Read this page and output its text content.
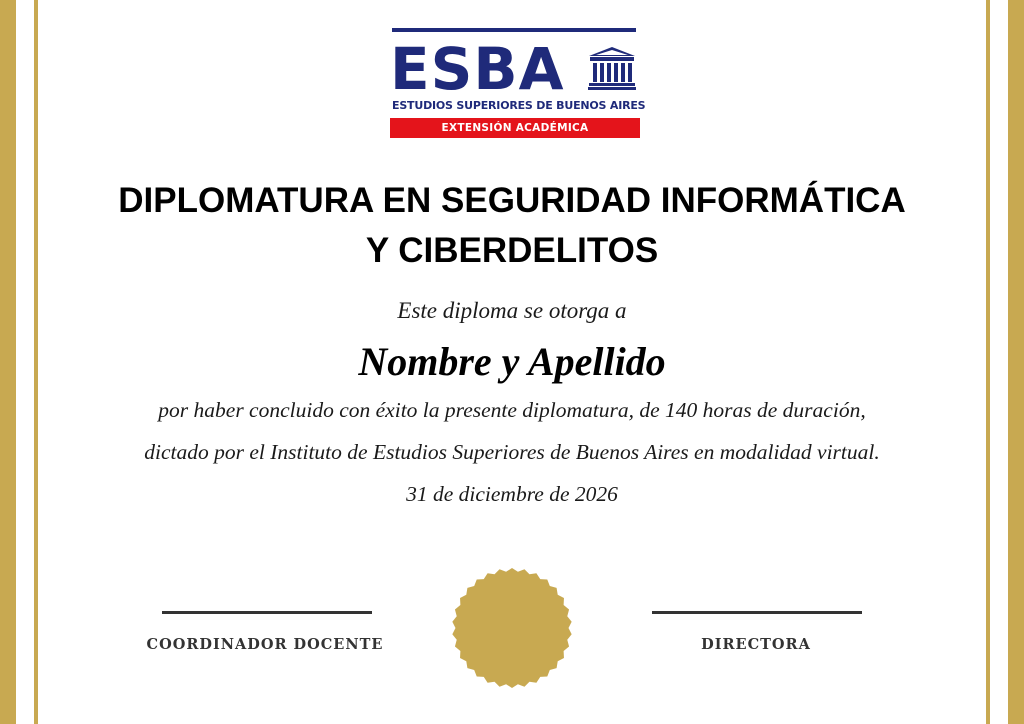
ESBA
ESTUDIOS SUPERIORES DE BUENOS AIRES
EXTENSIÓN ACADÉMICA
DIPLOMATURA EN SEGURIDAD INFORMÁTICA
Y CIBERDELITOS
Este diploma se otorga a
Nombre y Apellido
por haber concluido con éxito la presente diplomatura, de 140 horas de duración,
dictado por el Instituto de Estudios Superiores de Buenos Aires en modalidad virtual.
31 de diciembre de 2026
COORDINADOR DOCENTE	DIRECTORA
